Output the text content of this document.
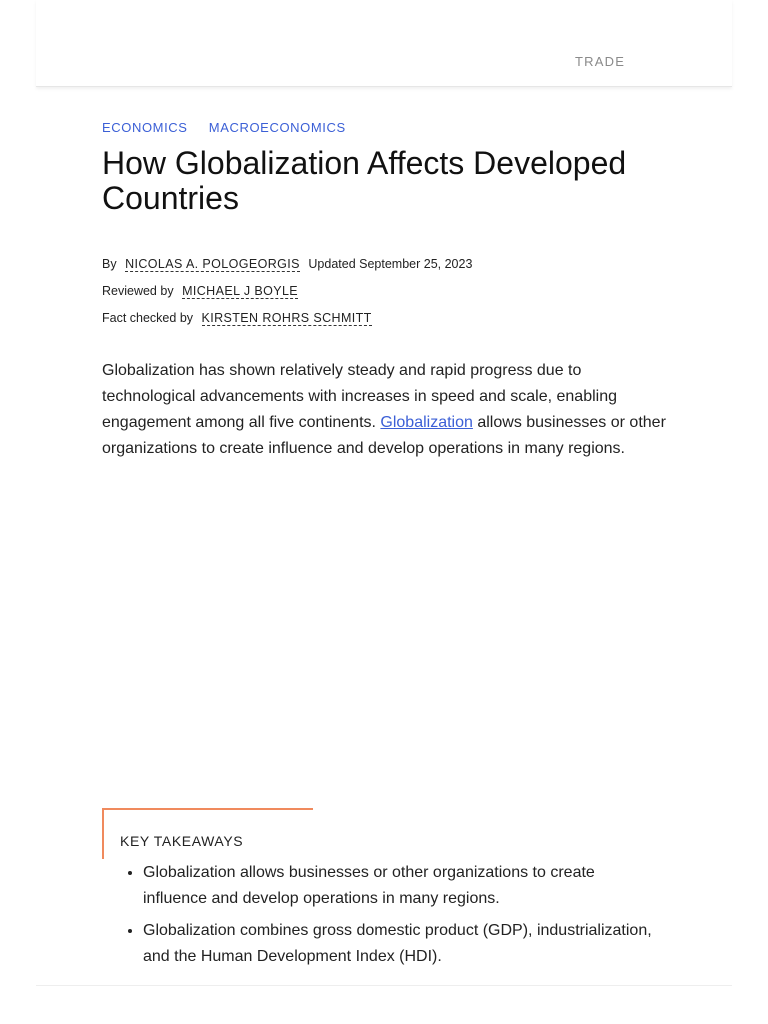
TRADE
ECONOMICS MACROECONOMICS
How Globalization Affects Developed Countries
By NICOLAS A. POLOGEORGIS Updated September 25, 2023
Reviewed by MICHAEL J BOYLE
Fact checked by KIRSTEN ROHRS SCHMITT

Globalization has shown relatively steady and rapid progress due to technological advancements with increases in speed and scale, enabling engagement among all five continents. Globalization allows businesses or other organizations to create influence and develop operations in many regions.

KEY TAKEAWAYS
• Globalization allows businesses or other organizations to create influence and develop operations in many regions.
• Globalization combines gross domestic product (GDP), industrialization, and the Human Development Index (HDI).
